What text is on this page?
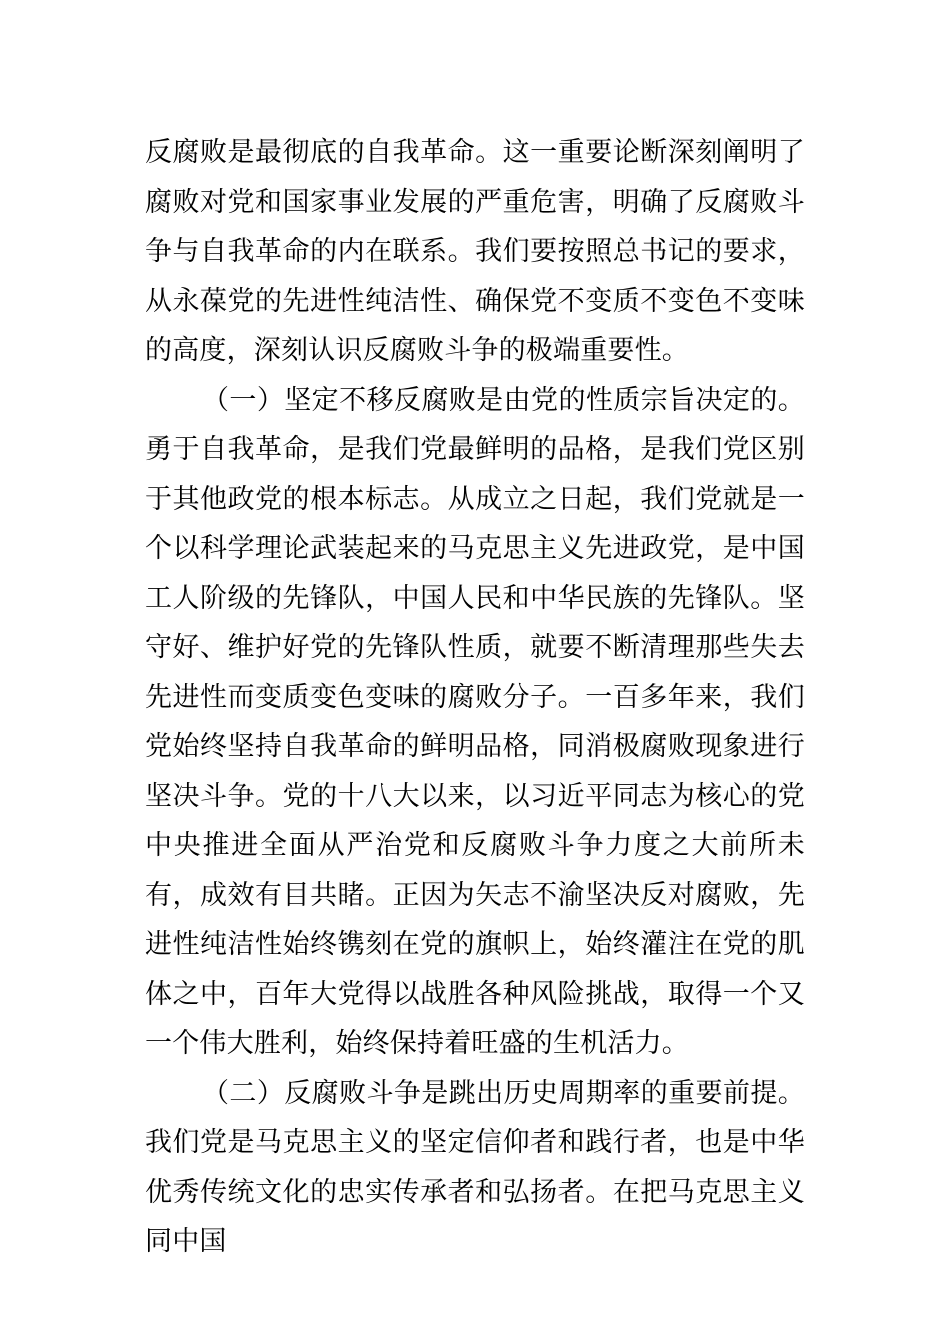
反腐败是最彻底的自我革命。这一重要论断深刻阐明了腐败对党和国家事业发展的严重危害，明确了反腐败斗争与自我革命的内在联系。我们要按照总书记的要求，从永葆党的先进性纯洁性、确保党不变质不变色不变味的高度，深刻认识反腐败斗争的极端重要性。

（一）坚定不移反腐败是由党的性质宗旨决定的。勇于自我革命，是我们党最鲜明的品格，是我们党区别于其他政党的根本标志。从成立之日起，我们党就是一个以科学理论武装起来的马克思主义先进政党，是中国工人阶级的先锋队，中国人民和中华民族的先锋队。坚守好、维护好党的先锋队性质，就要不断清理那些失去先进性而变质变色变味的腐败分子。一百多年来，我们党始终坚持自我革命的鲜明品格，同消极腐败现象进行坚决斗争。党的十八大以来，以习近平同志为核心的党中央推进全面从严治党和反腐败斗争力度之大前所未有，成效有目共睹。正因为矢志不渝坚决反对腐败，先进性纯洁性始终镌刻在党的旗帜上，始终灌注在党的肌体之中，百年大党得以战胜各种风险挑战，取得一个又一个伟大胜利，始终保持着旺盛的生机活力。

（二）反腐败斗争是跳出历史周期率的重要前提。我们党是马克思主义的坚定信仰者和践行者，也是中华优秀传统文化的忠实传承者和弘扬者。在把马克思主义同中国
